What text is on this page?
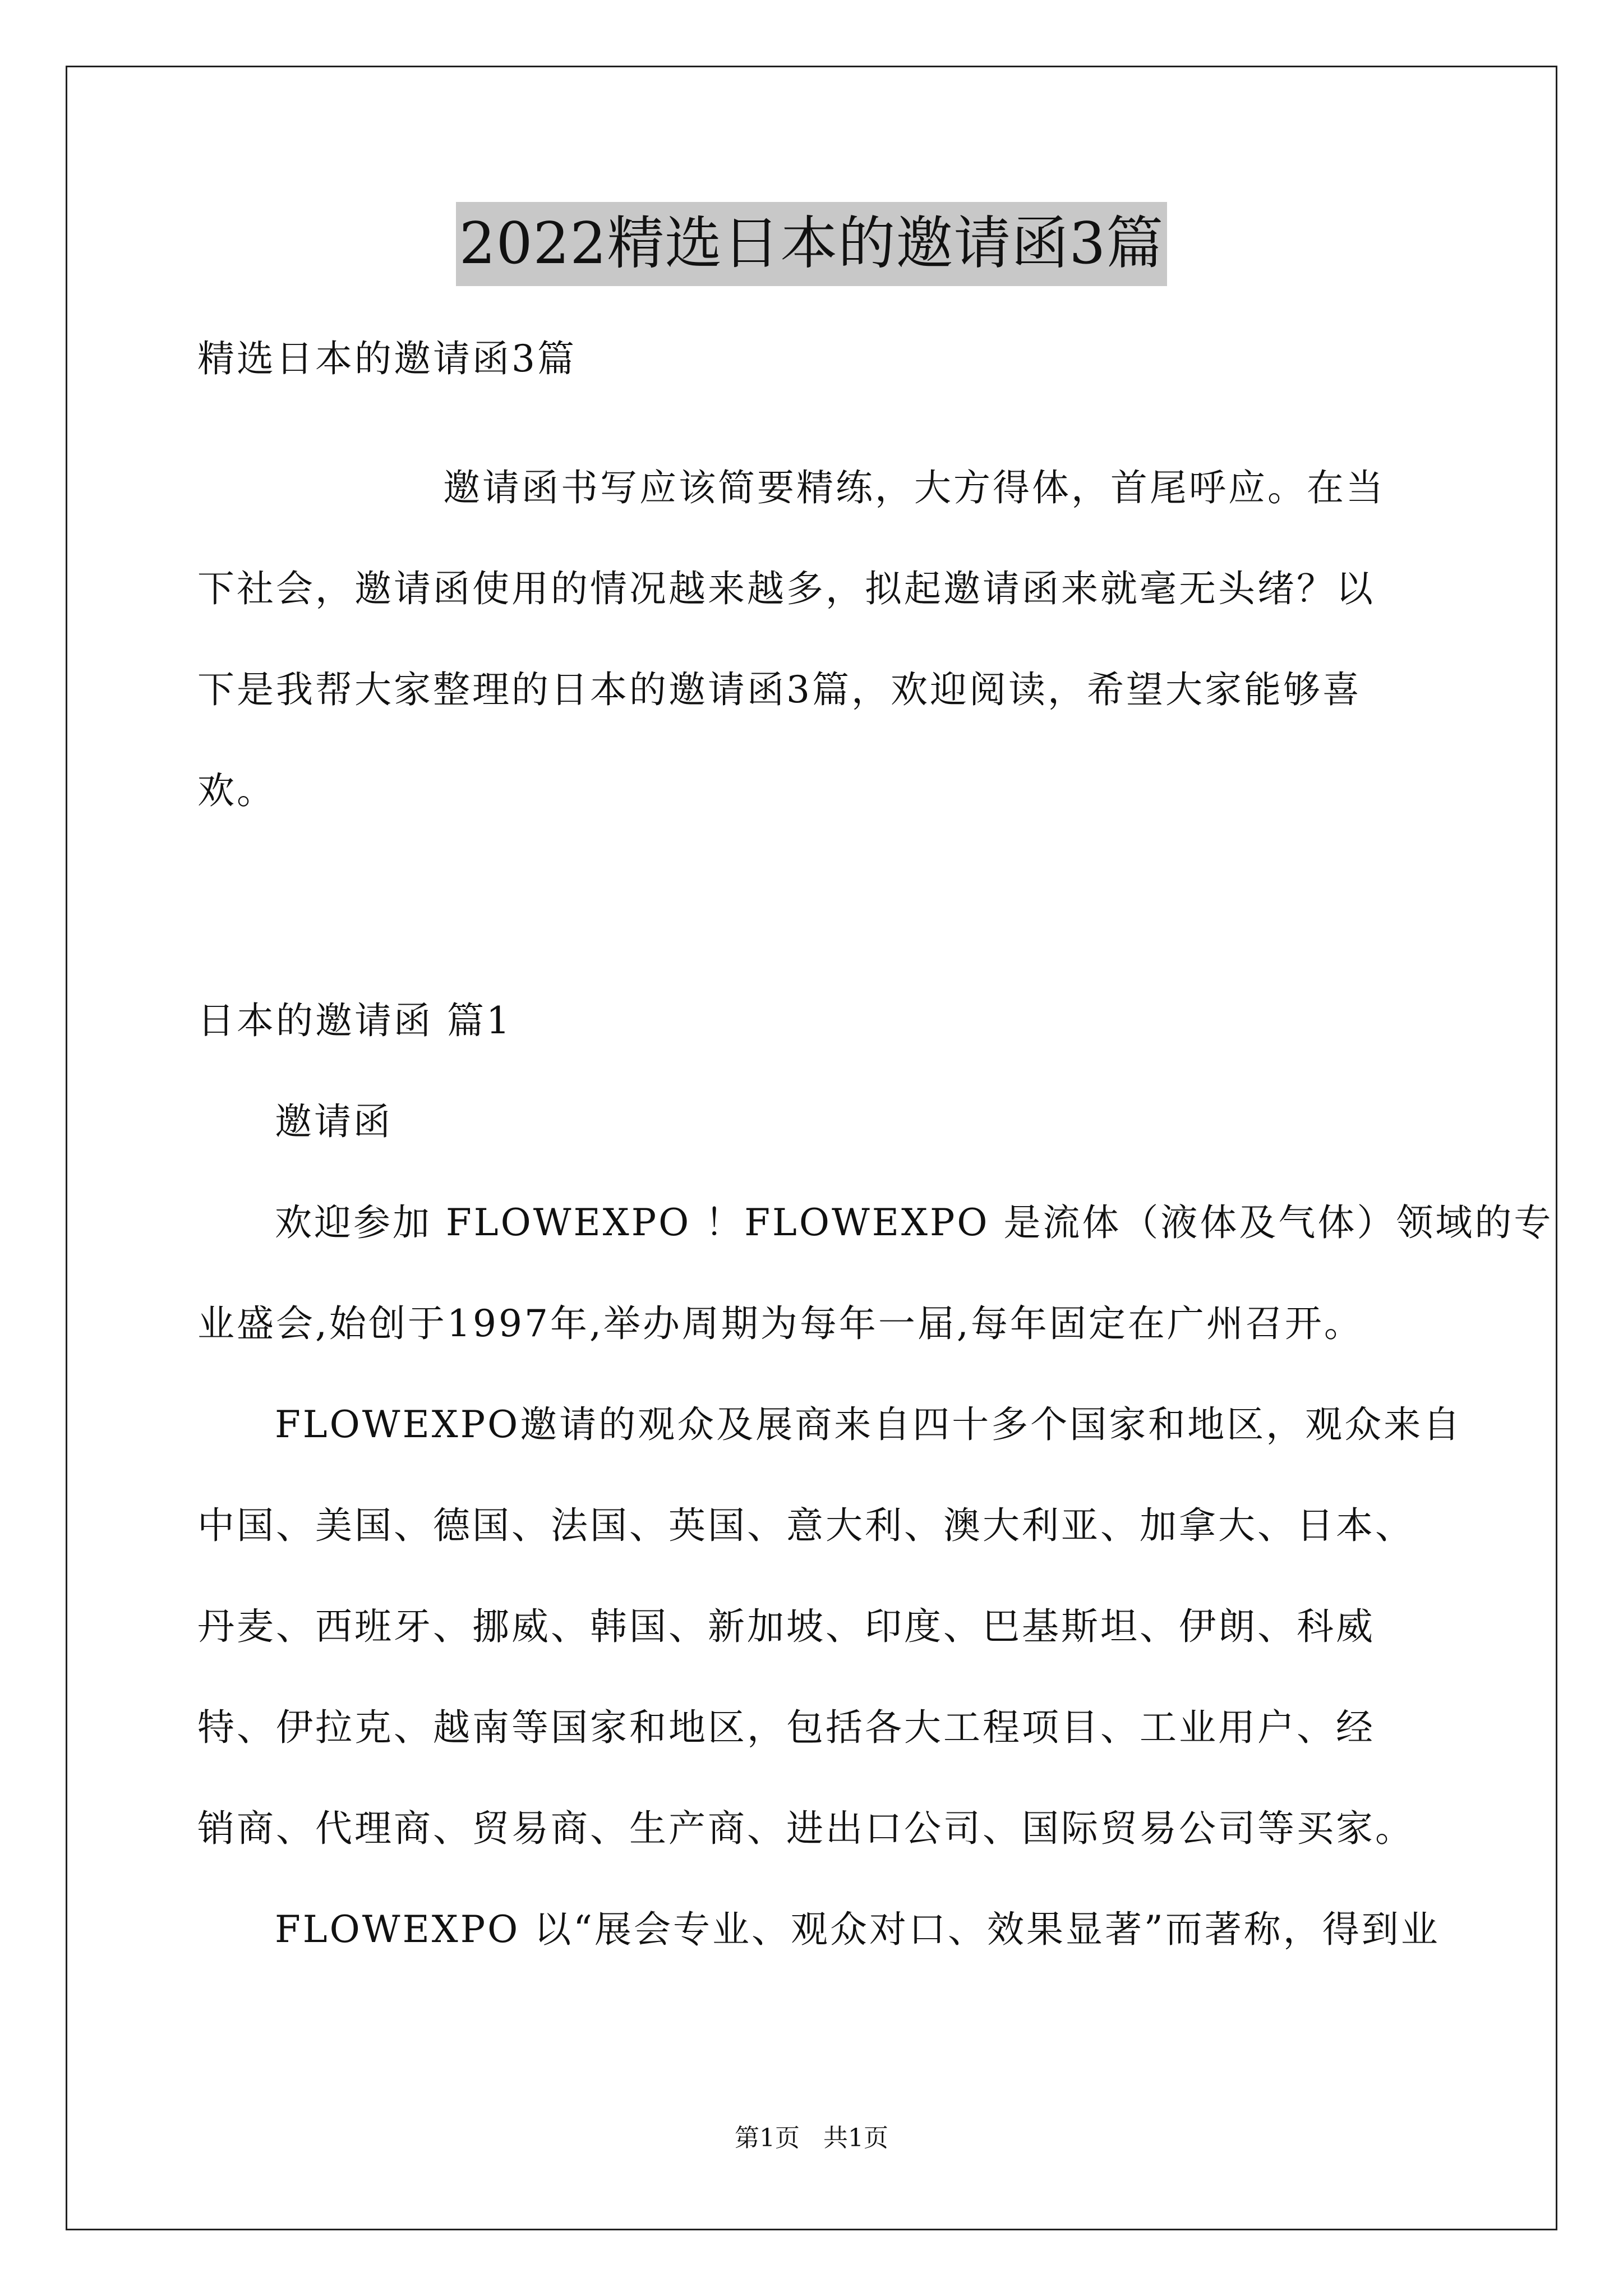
2022精选日本的邀请函3篇
精选日本的邀请函3篇
邀请函书写应该简要精练，大方得体，首尾呼应。在当
下社会，邀请函使用的情况越来越多，拟起邀请函来就毫无头绪？以
下是我帮大家整理的日本的邀请函3篇，欢迎阅读，希望大家能够喜
欢。
日本的邀请函 篇1
邀请函
欢迎参加 FLOWEXPO ！FLOWEXPO 是流体（液体及气体）领域的专
业盛会,始创于1997年,举办周期为每年一届,每年固定在广州召开。
FLOWEXPO邀请的观众及展商来自四十多个国家和地区，观众来自
中国、美国、德国、法国、英国、意大利、澳大利亚、加拿大、日本、
丹麦、西班牙、挪威、韩国、新加坡、印度、巴基斯坦、伊朗、科威
特、伊拉克、越南等国家和地区，包括各大工程项目、工业用户、经
销商、代理商、贸易商、生产商、进出口公司、国际贸易公司等买家。
FLOWEXPO 以“展会专业、观众对口、效果显著”而著称，得到业
第1页 共1页
